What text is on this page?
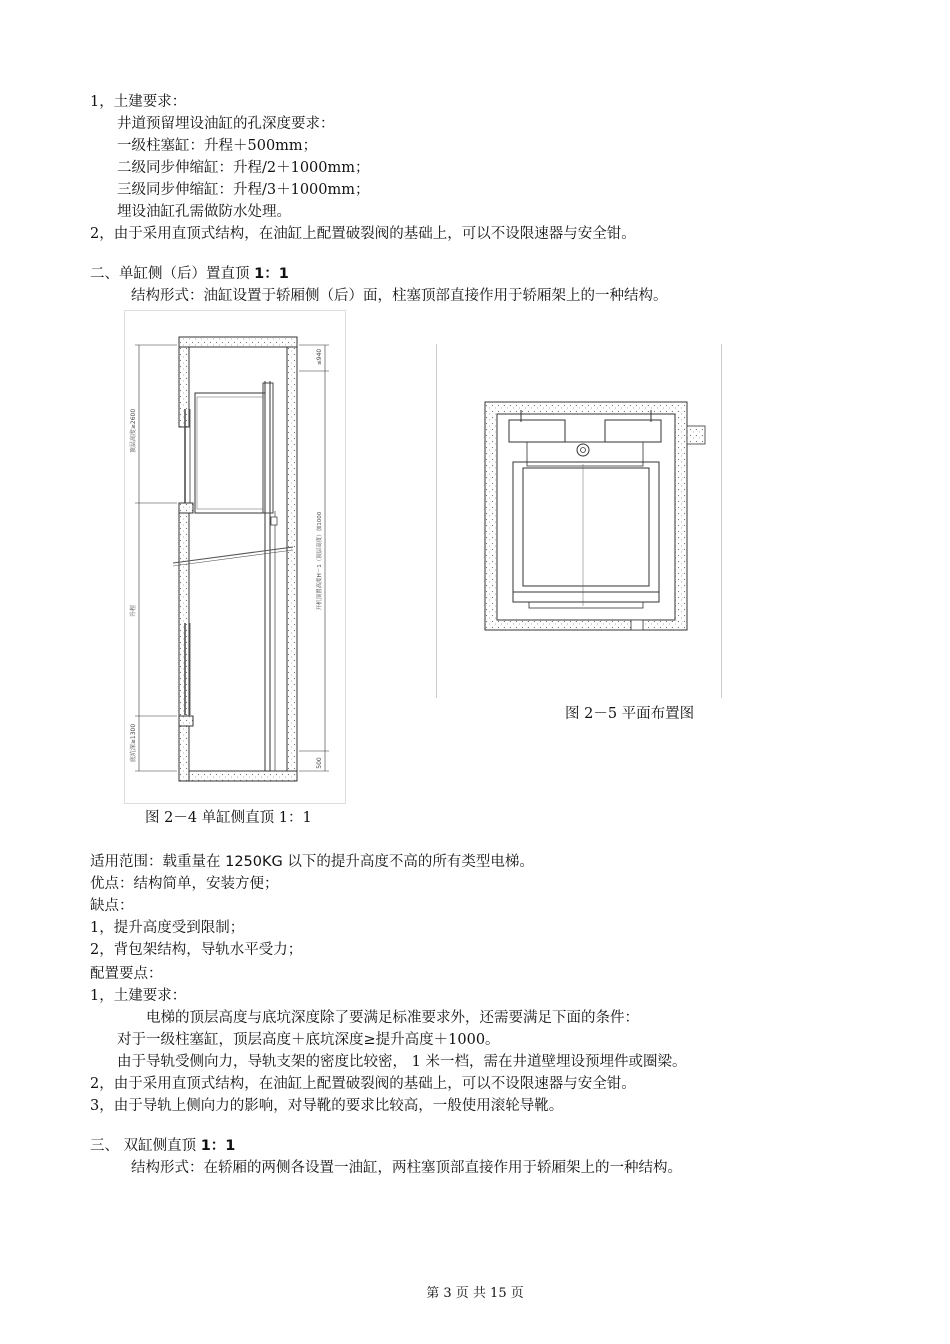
1，土建要求：
井道预留埋设油缸的孔深度要求：
一级柱塞缸：升程＋500mm；
二级同步伸缩缸：升程/2＋1000mm；
三级同步伸缩缸：升程/3＋1000mm；
埋设油缸孔需做防水处理。
2，由于采用直顶式结构，在油缸上配置破裂阀的基础上，可以不设限速器与安全钳。
二、单缸侧（后）置直顶 1：1
结构形式：油缸设置于轿厢侧（后）面，柱塞顶部直接作用于轿厢架上的一种结构。
顶层高度≥2600
升程
底坑深≥1300
≤940
开机顶置高度H－1（顶层高度）加1000
500
图 2－4 单缸侧直顶 1：1
图 2－5 平面布置图
适用范围：载重量在 1250KG 以下的提升高度不高的所有类型电梯。
优点：结构简单，安装方便；
缺点：
1，提升高度受到限制；
2，背包架结构，导轨水平受力；
配置要点：
1，土建要求：
电梯的顶层高度与底坑深度除了要满足标准要求外，还需要满足下面的条件：
对于一级柱塞缸，顶层高度＋底坑深度≥提升高度＋1000。
由于导轨受侧向力，导轨支架的密度比较密， 1 米一档，需在井道壁埋设预埋件或圈梁。
2，由于采用直顶式结构，在油缸上配置破裂阀的基础上，可以不设限速器与安全钳。
3，由于导轨上侧向力的影响，对导靴的要求比较高，一般使用滚轮导靴。
三、 双缸侧直顶 1：1
结构形式：在轿厢的两侧各设置一油缸，两柱塞顶部直接作用于轿厢架上的一种结构。
第 3 页 共 15 页
